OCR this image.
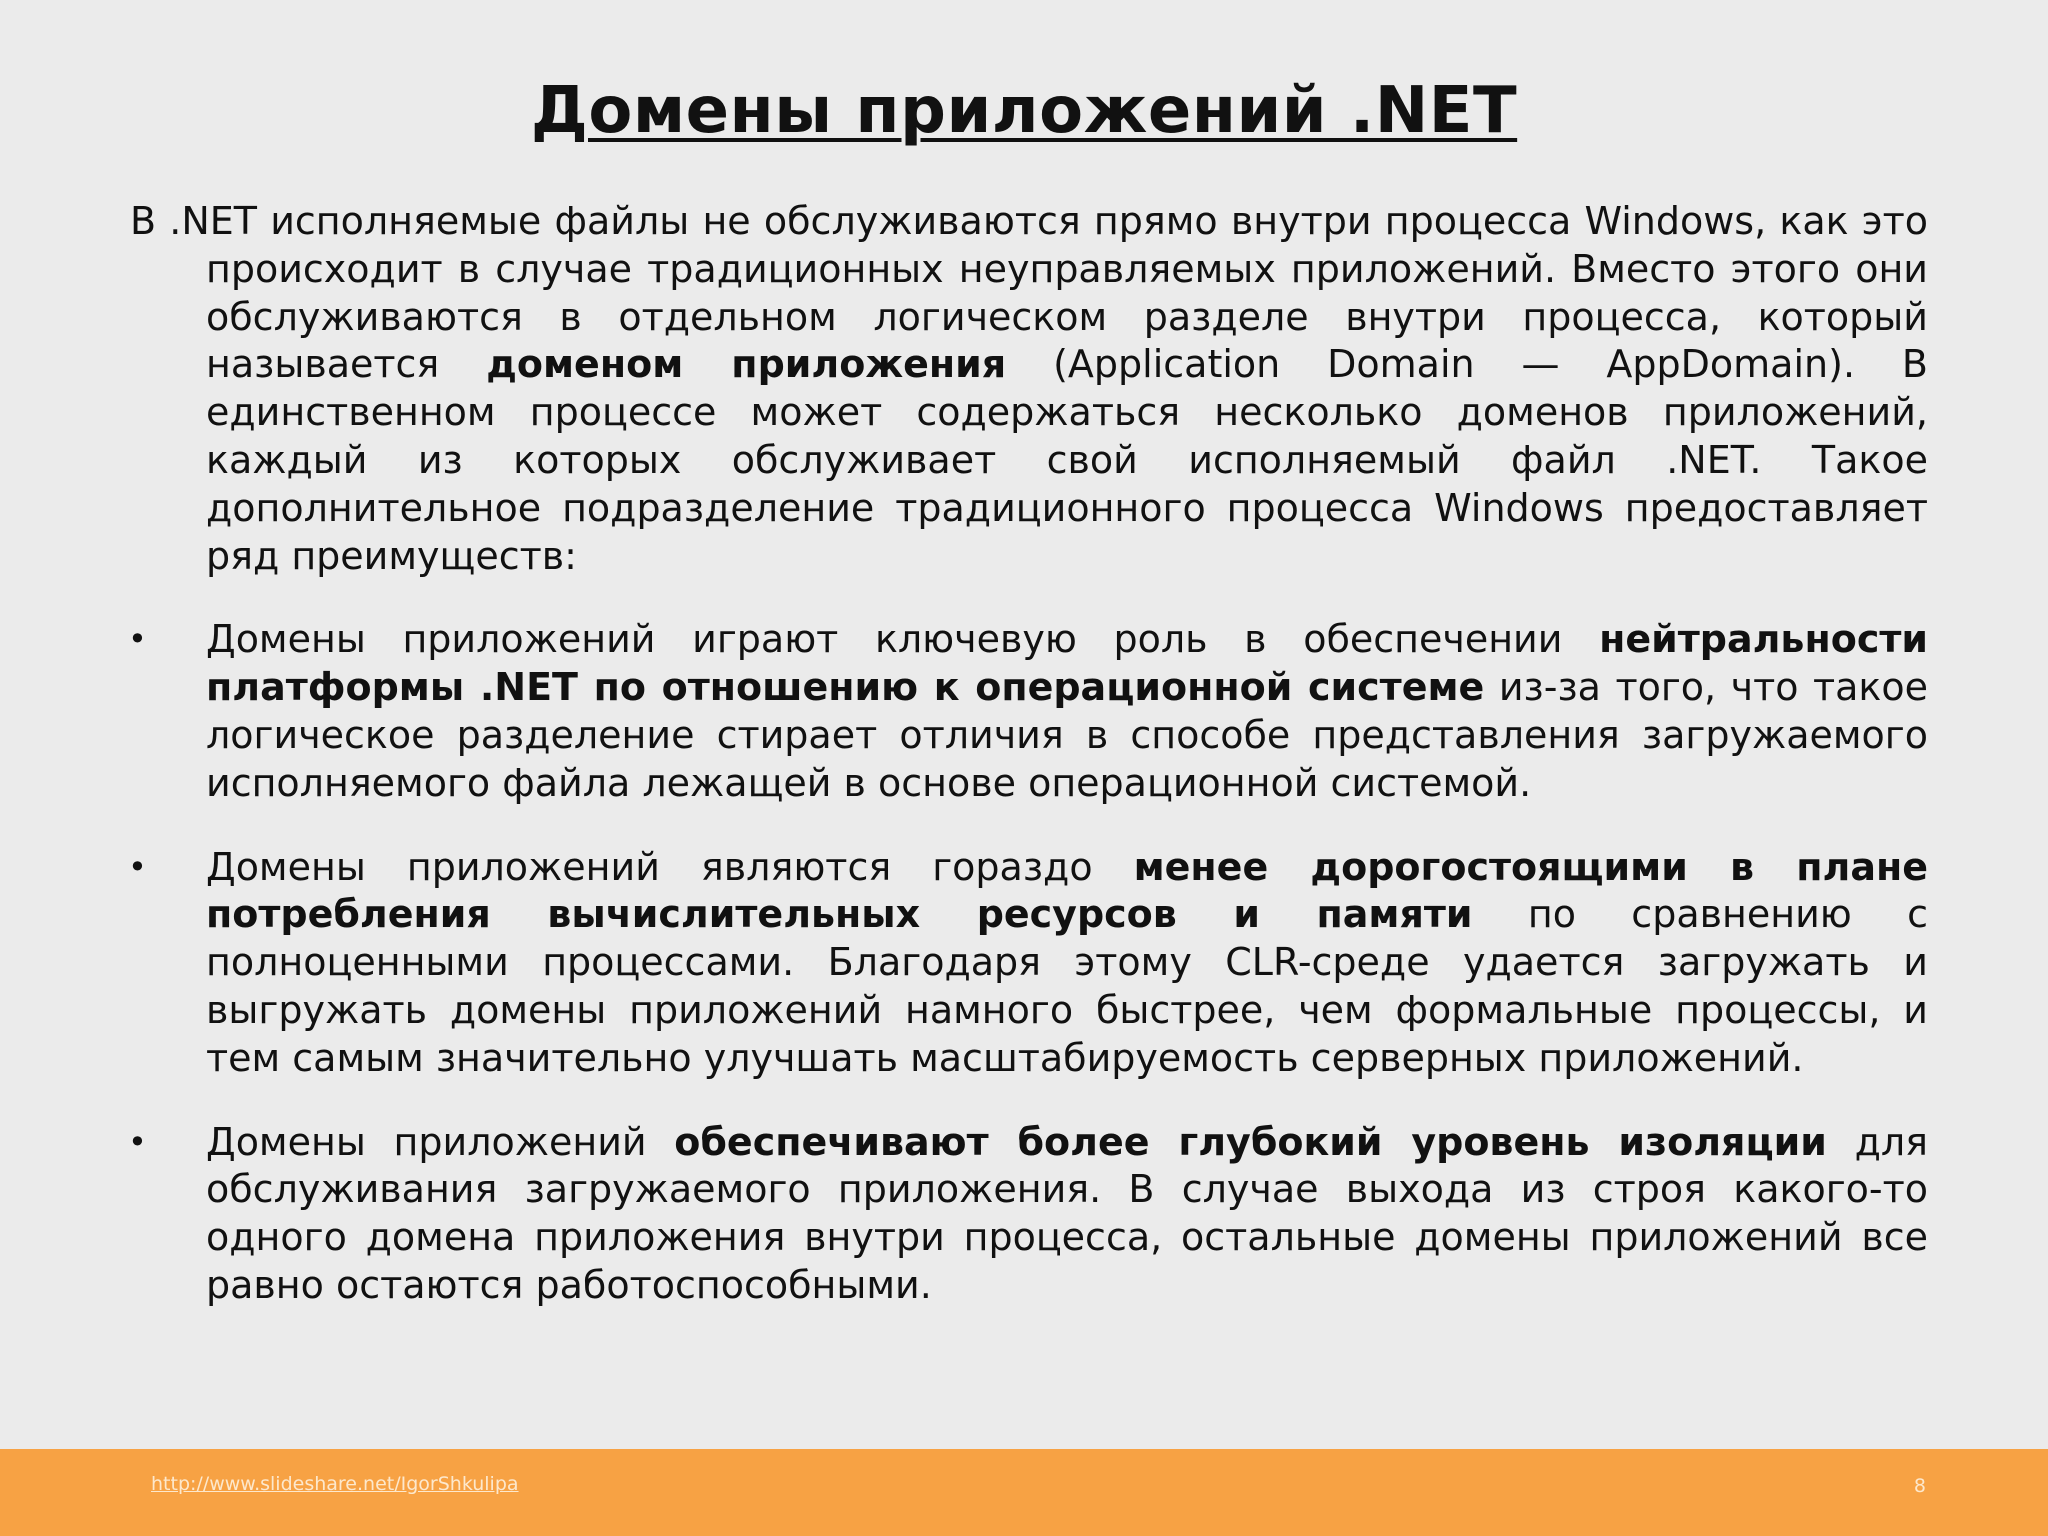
Домены приложений .NET

В .NET исполняемые файлы не обслуживаются прямо внутри процесса Windows, как это происходит в случае традиционных неуправляемых приложений. Вместо этого они обслуживаются в отдельном логическом разделе внутри процесса, который называется доменом приложения (Application Domain — AppDomain). В единственном процессе может содержаться несколько доменов приложений, каждый из которых обслуживает свой исполняемый файл .NET. Такое дополнительное подразделение традиционного процесса Windows предоставляет ряд преимуществ:

• Домены приложений играют ключевую роль в обеспечении нейтральности платформы .NET по отношению к операционной системе из-за того, что такое логическое разделение стирает отличия в способе представления загружаемого исполняемого файла лежащей в основе операционной системой.

• Домены приложений являются гораздо менее дорогостоящими в плане потребления вычислительных ресурсов и памяти по сравнению с полноценными процессами. Благодаря этому CLR-среде удается загружать и выгружать домены приложений намного быстрее, чем формальные процессы, и тем самым значительно улучшать масштабируемость серверных приложений.

• Домены приложений обеспечивают более глубокий уровень изоляции для обслуживания загружаемого приложения. В случае выхода из строя какого-то одного домена приложения внутри процесса, остальные домены приложений все равно остаются работоспособными.

http://www.slideshare.net/IgorShkulipa	8
